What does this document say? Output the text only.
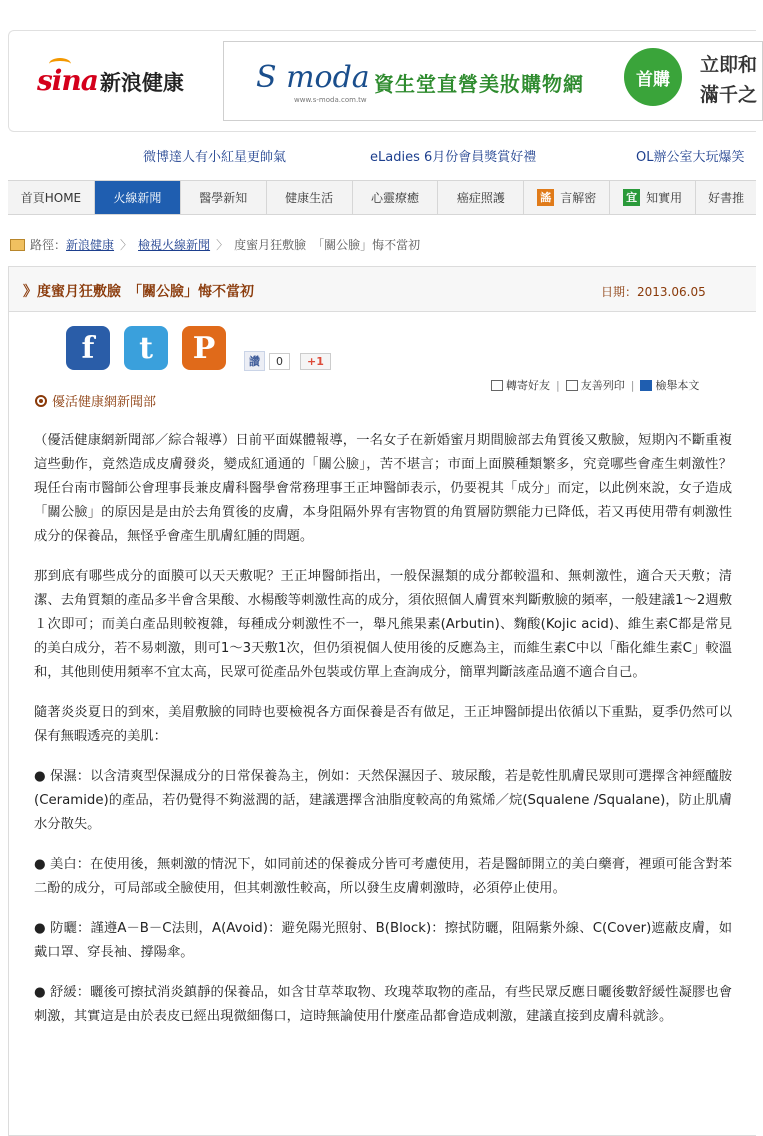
sina 新浪健康 S moda
www.s-moda.com.tw
資生堂直營美妝購物網	首購
立即和
滿千之
微博達人有小紅星更帥氣	eLadies 6月份會員獎賞好禮	OL辦公室大玩爆笑
首頁HOME	火線新聞	醫學新知	健康生活	心靈療癒	癌症照護	謠 言解密	宜 知實用	好書推
路徑： 新浪健康 〉 檢視火線新聞 〉 度蜜月狂敷臉　「關公臉」悔不當初
》度蜜月狂敷臉　「關公臉」悔不當初	日期：2013.06.05
f	t	P	讚	0	+1
轉寄好友 | 友善列印 | 檢舉本文
優活健康網新聞部

（優活健康網新聞部／綜合報導）日前平面媒體報導，一名女子在新婚蜜月期間臉部去角質後又敷臉，短期內不斷重複這些動作，竟然造成皮膚發炎，變成紅通通的「關公臉」，苦不堪言；市面上面膜種類繁多，究竟哪些會產生刺激性？現任台南市醫師公會理事長兼皮膚科醫學會常務理事王正坤醫師表示，仍要視其「成分」而定，以此例來說，女子造成「關公臉」的原因是是由於去角質後的皮膚，本身阻隔外界有害物質的角質層防禦能力已降低，若又再使用帶有刺激性成分的保養品，無怪乎會產生肌膚紅腫的問題。

那到底有哪些成分的面膜可以天天敷呢？王正坤醫師指出，一般保濕類的成分都較溫和、無刺激性，適合天天敷；清潔、去角質類的產品多半會含果酸、水楊酸等刺激性高的成分，須依照個人膚質來判斷敷臉的頻率，一般建議1～2週敷１次即可；而美白產品則較複雜，每種成分刺激性不一，舉凡熊果素(Arbutin)、麴酸(Kojic acid)、維生素C都是常見的美白成分，若不易刺激，則可1～3天敷1次，但仍須視個人使用後的反應為主，而維生素C中以「酯化維生素C」較溫和，其他則使用頻率不宜太高，民眾可從產品外包裝或仿單上查詢成分，簡單判斷該產品適不適合自己。

隨著炎炎夏日的到來，美眉敷臉的同時也要檢視各方面保養是否有做足，王正坤醫師提出依循以下重點，夏季仍然可以保有無暇透亮的美肌：

● 保濕：以含清爽型保濕成分的日常保養為主，例如：天然保濕因子、玻尿酸，若是乾性肌膚民眾則可選擇含神經醯胺(Ceramide)的產品，若仍覺得不夠滋潤的話，建議選擇含油脂度較高的角鯊烯／烷(Squalene /Squalane)，防止肌膚水分散失。

● 美白：在使用後，無刺激的情況下，如同前述的保養成分皆可考慮使用，若是醫師開立的美白藥膏，裡頭可能含對苯二酚的成分，可局部或全臉使用，但其刺激性較高，所以發生皮膚刺激時，必須停止使用。

● 防曬：謹遵A－B－C法則，A(Avoid)：避免陽光照射、B(Block)：擦拭防曬，阻隔紫外線、C(Cover)遮蔽皮膚，如戴口罩、穿長袖、撐陽傘。

● 舒緩：曬後可擦拭消炎鎮靜的保養品，如含甘草萃取物、玫瑰萃取物的產品，有些民眾反應日曬後數舒緩性凝膠也會刺激，其實這是由於表皮已經出現微細傷口，這時無論使用什麼產品都會造成刺激，建議直接到皮膚科就診。
